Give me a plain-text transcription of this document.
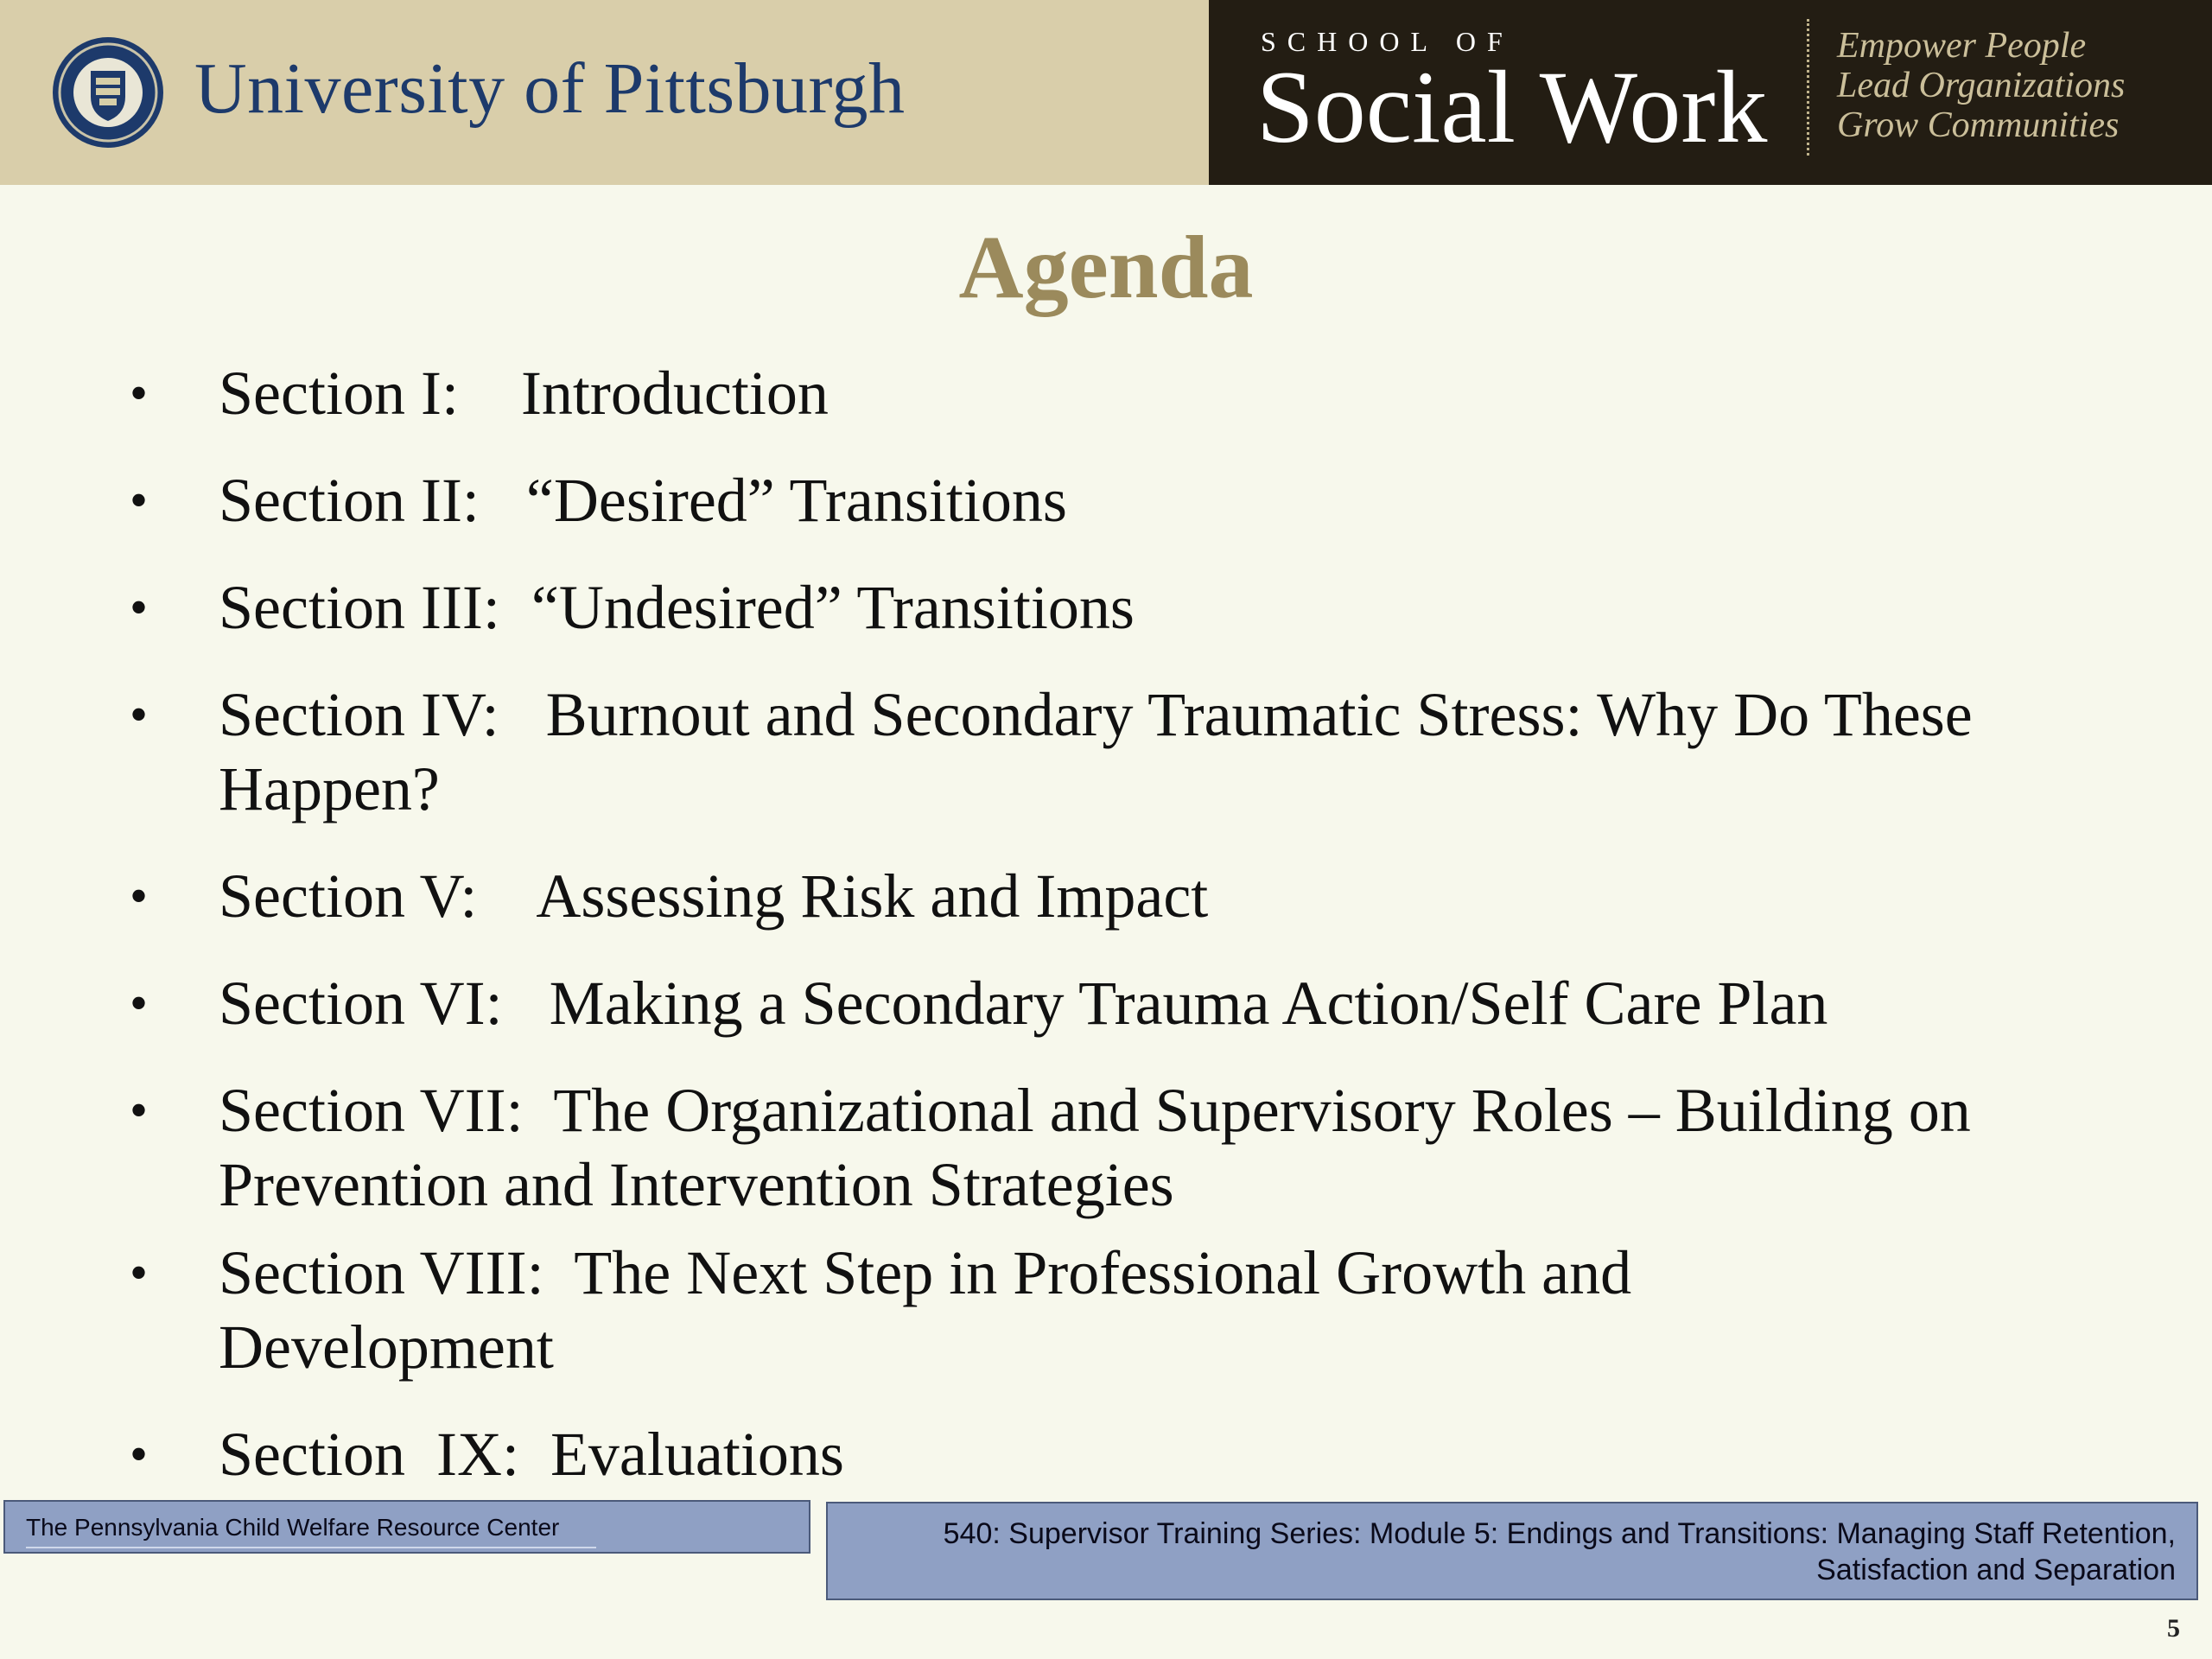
University of Pittsburgh
SCHOOL OF
Social Work
Empower People
Lead Organizations
Grow Communities
Agenda
• Section I:    Introduction
• Section II:   “Desired” Transitions
• Section III:  “Undesired” Transitions
• Section IV:   Burnout and Secondary Traumatic Stress: Why Do These  Happen?
• Section V:    Assessing Risk and Impact
• Section VI:   Making a Secondary Trauma Action/Self Care Plan
• Section VII:  The Organizational and Supervisory Roles – Building on Prevention and Intervention Strategies
• Section VIII:  The Next Step in Professional Growth and Development
• Section  IX:  Evaluations
The Pennsylvania Child Welfare Resource Center	540: Supervisor Training Series: Module 5: Endings and Transitions: Managing Staff Retention, Satisfaction and Separation
5
